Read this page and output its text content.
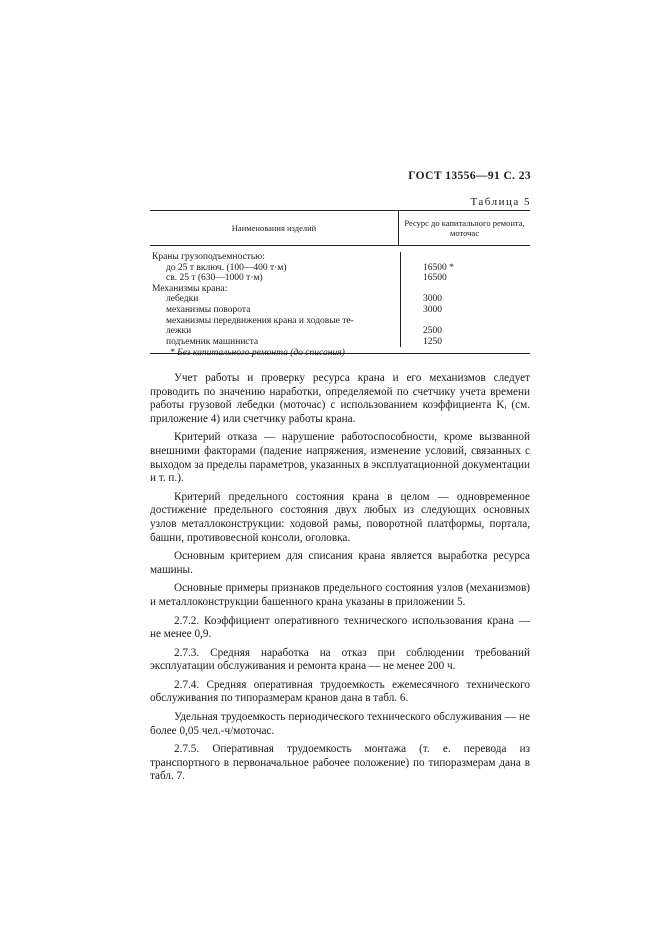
ГОСТ 13556—91 С. 23
Таблица 5
Наименования изделий	Ресурс до капитального ремонта, моточас
Краны грузоподъемностью:
до 25 т включ. (100—400 т·м)
св. 25 т (630—1000 т·м)
Механизмы крана:
лебедки
механизмы поворота
механизмы передвижения крана и ходовые те-
лежки
подъемник машиниста
16500 *
16500
3000
3000
2500
1250
* Без капитального ремонта (до списания)

Учет работы и проверку ресурса крана и его механизмов следует проводить по значению наработки, определяемой по счетчику учета времени работы грузовой лебедки (моточас) с использованием коэффициента Kᵢ (см. приложение 4) или счетчику работы крана.

Критерий отказа — нарушение работоспособности, кроме вызванной внешними факторами (падение напряжения, изменение условий, связанных с выходом за пределы параметров, указанных в эксплуатационной документации и т. п.).

Критерий предельного состояния крана в целом — одновременное достижение предельного состояния двух любых из следующих основных узлов металлоконструкции: ходовой рамы, поворотной платформы, портала, башни, противовесной консоли, оголовка.

Основным критерием для списания крана является выработка ресурса машины.

Основные примеры признаков предельного состояния узлов (механизмов) и металлоконструкции башенного крана указаны в приложении 5.

2.7.2. Коэффициент оперативного технического использования крана — не менее 0,9.

2.7.3. Средняя наработка на отказ при соблюдении требований эксплуатации обслуживания и ремонта крана — не менее 200 ч.

2.7.4. Средняя оперативная трудоемкость ежемесячного технического обслуживания по типоразмерам кранов дана в табл. 6.

Удельная трудоемкость периодического технического обслуживания — не более 0,05 чел.-ч/моточас.

2.7.5. Оперативная трудоемкость монтажа (т. е. перевода из транспортного в первоначальное рабочее положение) по типоразмерам дана в табл. 7.
